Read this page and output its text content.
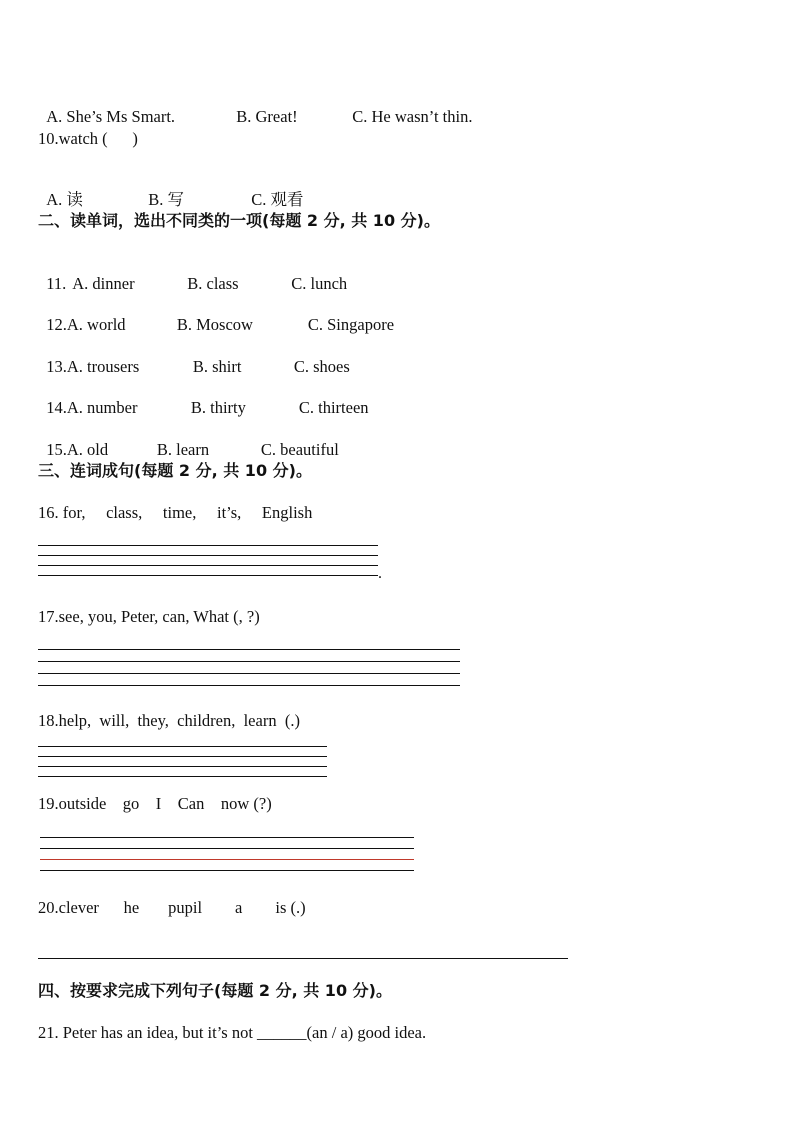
A. She’s Ms Smart.	B. Great!	C. He wasn’t thin.

10.watch (      )

A. 读	B. 写	C. 观看

二、读单词，选出不同类的一项(每题 2 分, 共 10 分)。

11. A. dinner	B. class	C. lunch

12.A. world	B. Moscow	C. Singapore

13.A. trousers	B. shirt	C. shoes

14.A. number	B. thirty	C. thirteen

15.A. old	B. learn	C. beautiful

三、连词成句(每题 2 分, 共 10 分)。
16. for,     class,     time,     it’s,     English
.
17.see, you, Peter, can, What (, ?)
18.help,  will,  they,  children,  learn  (.)
19.outside    go    I    Can    now (?)
20.clever      he       pupil        a        is (.)
四、按要求完成下列句子(每题 2 分, 共 10 分)。
21. Peter has an idea, but it’s not ______(an / a) good idea.
